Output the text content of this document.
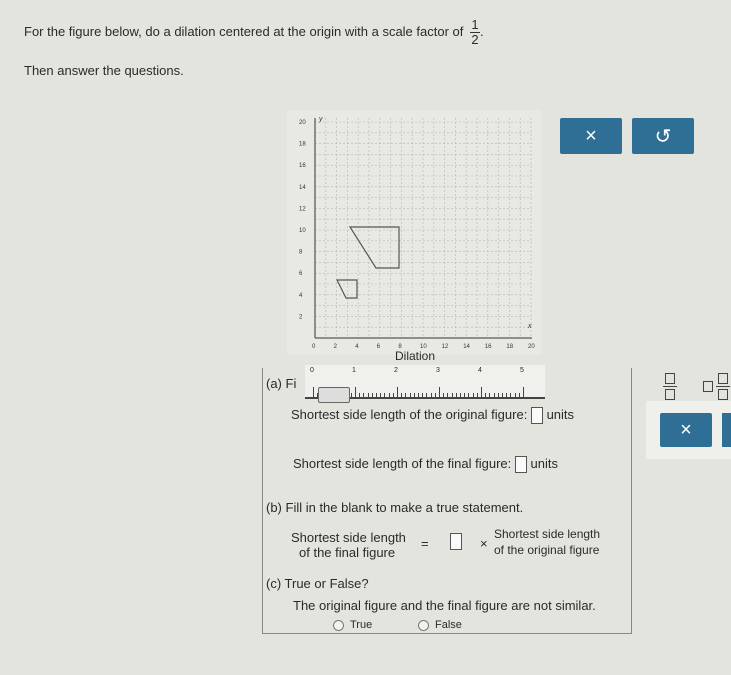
For the figure below, do a dilation centered at the origin with a scale factor of $\frac{1}{2}$ .
Then answer the questions.
20
18
16
14
12
10
8
6
4
2
0	2	4	6	8	10 12 14 16 18 20
y
x
Dilation
0	1	2	3	4	5
×	↺
×
(a) Fi
Shortest side length of the original figure: units
Shortest side length of the final figure: units
(b) Fill in the blank to make a true statement.
Shortest side length
of the final figure
=	×
Shortest side length
of the original figure
(c) True or False?
The original figure and the final figure are not similar.
True	False
